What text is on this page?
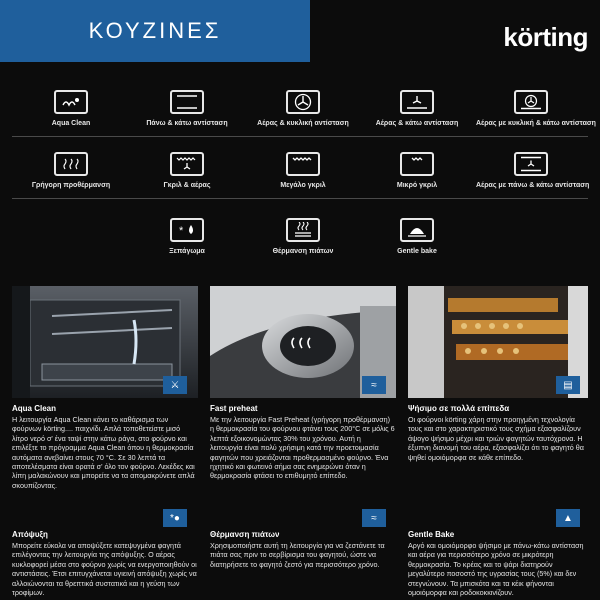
ΚΟΥΖΙΝΕΣ	körting
Aqua Clean	Πάνω & κάτω αντίσταση	Αέρας & κυκλική αντίσταση	Αέρας & κάτω αντίσταση	Αέρας με κυκλική & κάτω αντίσταση
Γρήγορη προθέρμανση	Γκριλ & αέρας	Μεγάλο γκριλ	Μικρό γκριλ	Αέρας με πάνω & κάτω αντίσταση
*
Ξεπάγωμα	Θέρμανση πιάτων	Gentle bake
⚔	≈	▤
Aqua Clean
Η λειτουργία Aqua Clean κάνει το καθάρισμα των φούρνων körting.... παιχνίδι. Απλά τοποθετείστε μισό λίτρο νερό σ' ένα ταψί στην κάτω ράγα, στο φούρνο και επιλέξτε το πρόγραμμα Aqua Clean όπου η θερμοκρασία αυτόματα ανεβαίνει στους 70 °C. Σε 30 λεπτά τα αποτελέσματα είναι ορατά σ' όλο τον φούρνο. Λεκέδες και λίπη μαλακώνουν και μπορείτε να τα απομακρύνετε απλά σκουπίζοντας.
Fast preheat
Με την λειτουργία Fast Preheat (γρήγορη προθέρμανση) η θερμοκρασία του φούρνου φτάνει τους 200°C σε μόλις 6 λεπτά εξοικονομώντας 30% του χρόνου. Αυτή η λειτουργία είναι πολύ χρήσιμη κατά την προετοιμασία φαγητών που χρειάζονται προθερμασμένο φούρνο. Ένα ηχητικό και φωτεινό σήμα σας ενημερώνει όταν η θερμοκρασία φτάσει το επιθυμητό επίπεδο.
Ψήσιμο σε πολλά επίπεδα
Οι φούρνοι körting χάρη στην προηγμένη τεχνολογία τους και στο χαρακτηριστικό τους σχήμα εξασφαλίζουν άψογο ψήσιμο μέχρι και τριών φαγητών ταυτόχρονα. Η έξυπνη διανομή του αέρα, εξασφαλίζει ότι το φαγητό θα ψηθεί ομοιόμορφα σε κάθε επίπεδο.
*●	≈	▲
Απόψυξη
Μπορείτε εύκολα να αποψύξετε κατεψυγμένα φαγητά επιλέγοντας την λειτουργία της απόψυξης. Ο αέρας κυκλοφορεί μέσα στο φούρνο χωρίς να ενεργοποιηθούν οι αντιστάσεις. Έτσι επιτυγχάνεται υγιεινή απόψυξη χωρίς να αλλοιώνονται τα θρεπτικά συστατικά και η γεύση των τροφίμων.
Θέρμανση πιάτων
Χρησιμοποιήστε αυτή τη λειτουργία για να ζεστάνετε τα πιάτα σας πριν το σερβίρισμα του φαγητού, ώστε να διατηρήσετε το φαγητό ζεστό για περισσότερο χρόνο.
Gentle Bake
Αργό και ομοιόμορφο ψήσιμο με πάνω-κάτω αντίσταση και αέρα για περισσότερο χρόνο σε μικρότερη θερμοκρασία. Το κρέας και το ψάρι διατηρούν μεγαλύτερο ποσοστό της υγρασίας τους (5%) και δεν στεγνώνουν. Τα μπισκότα και τα κέικ φήνονται ομοιόμορφα και ροδοκοκκινίζουν.
